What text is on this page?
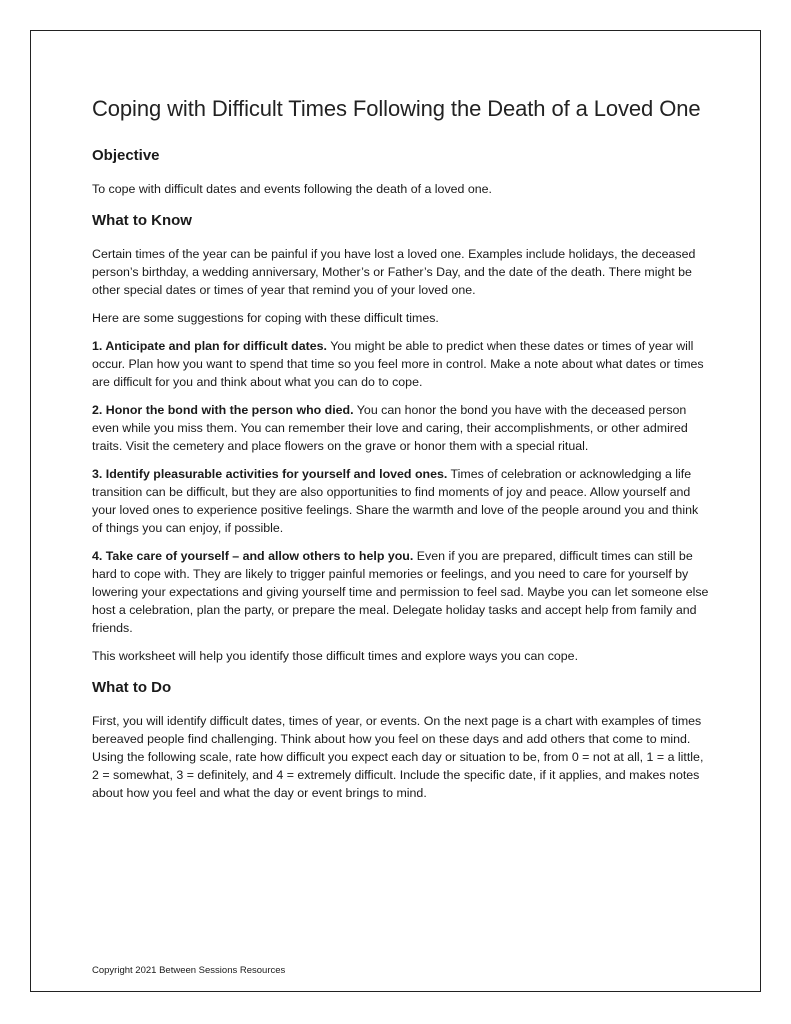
Coping with Difficult Times Following the Death of a Loved One
Objective

To cope with difficult dates and events following the death of a loved one.

What to Know

Certain times of the year can be painful if you have lost a loved one. Examples include holidays, the deceased person’s birthday, a wedding anniversary, Mother’s or Father’s Day, and the date of the death. There might be other special dates or times of year that remind you of your loved one.

Here are some suggestions for coping with these difficult times.

1. Anticipate and plan for difficult dates. You might be able to predict when these dates or times of year will occur. Plan how you want to spend that time so you feel more in control. Make a note about what dates or times are difficult for you and think about what you can do to cope.

2. Honor the bond with the person who died. You can honor the bond you have with the deceased person even while you miss them. You can remember their love and caring, their accomplishments, or other admired traits. Visit the cemetery and place flowers on the grave or honor them with a special ritual.

3. Identify pleasurable activities for yourself and loved ones. Times of celebration or acknowledging a life transition can be difficult, but they are also opportunities to find moments of joy and peace. Allow yourself and your loved ones to experience positive feelings. Share the warmth and love of the people around you and think of things you can enjoy, if possible.

4. Take care of yourself – and allow others to help you. Even if you are prepared, difficult times can still be hard to cope with. They are likely to trigger painful memories or feelings, and you need to care for yourself by lowering your expectations and giving yourself time and permission to feel sad. Maybe you can let someone else host a celebration, plan the party, or prepare the meal. Delegate holiday tasks and accept help from family and friends.

This worksheet will help you identify those difficult times and explore ways you can cope.

What to Do

First, you will identify difficult dates, times of year, or events. On the next page is a chart with examples of times bereaved people find challenging. Think about how you feel on these days and add others that come to mind. Using the following scale, rate how difficult you expect each day or situation to be, from 0 = not at all, 1 = a little, 2 = somewhat, 3 = definitely, and 4 = extremely difficult. Include the specific date, if it applies, and makes notes about how you feel and what the day or event brings to mind.

Copyright 2021 Between Sessions Resources
